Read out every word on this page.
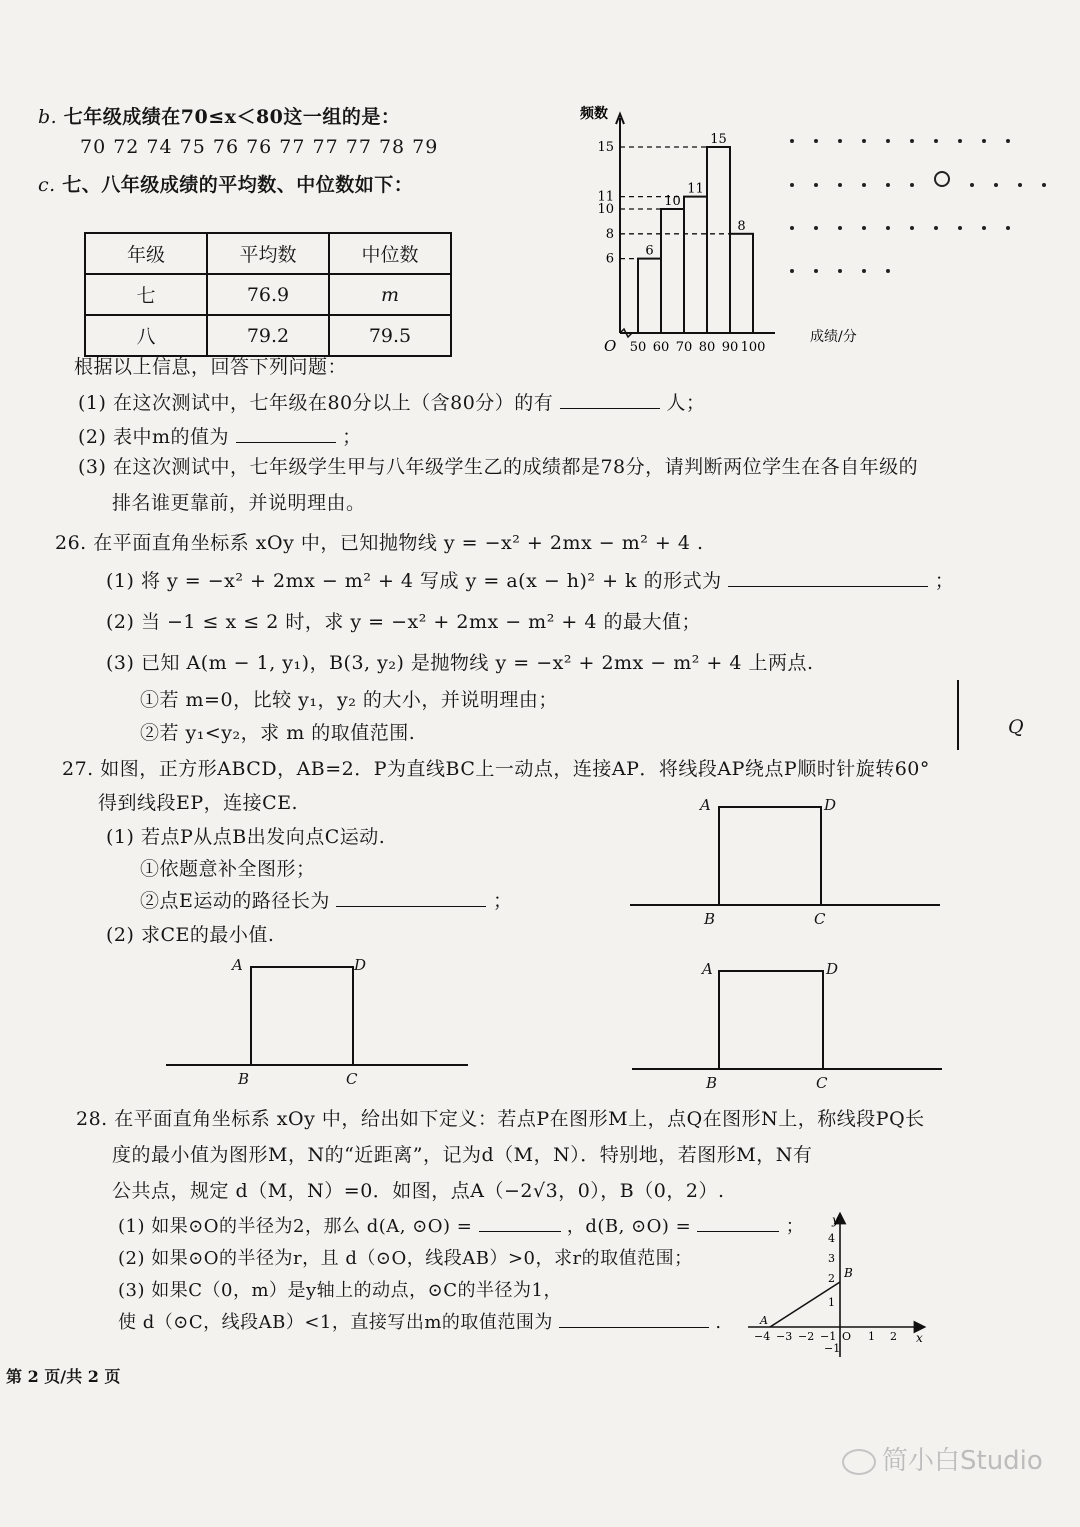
b. 七年级成绩在70≤x＜80这一组的是：
70 72 74 75 76 76 77 77 77 78 79
c. 七、八年级成绩的平均数、中位数如下：
年级	平均数	中位数
七	76.9	m
八	79.2	79.5
频数
成绩/分
O
6
10
11
15
8
6
8
10
11
15
50 60 70 80 90 100
根据以上信息，回答下列问题：
(1) 在这次测试中，七年级在80分以上（含80分）的有	人；
(2) 表中m的值为	；
(3) 在这次测试中，七年级学生甲与八年级学生乙的成绩都是78分，请判断两位学生在各自年级的
排名谁更靠前，并说明理由。
26. 在平面直角坐标系 xOy 中，已知抛物线 y = −x² + 2mx − m² + 4 .
(1) 将 y = −x² + 2mx − m² + 4 写成 y = a(x − h)² + k 的形式为	；
(2) 当 −1 ≤ x ≤ 2 时，求 y = −x² + 2mx − m² + 4 的最大值；
(3) 已知 A(m − 1, y₁)，B(3, y₂) 是抛物线 y = −x² + 2mx − m² + 4 上两点.
①若 m=0，比较 y₁，y₂ 的大小，并说明理由；
②若 y₁<y₂，求 m 的取值范围.	Q
27. 如图，正方形ABCD，AB=2．P为直线BC上一动点，连接AP．将线段AP绕点P顺时针旋转60°
得到线段EP，连接CE.
(1) 若点P从点B出发向点C运动.
①依题意补全图形；
②点E运动的路径长为	；
(2) 求CE的最小值.
A	D
B	C
A	D
B	C
A	D
B	C
28. 在平面直角坐标系 xOy 中，给出如下定义：若点P在图形M上，点Q在图形N上，称线段PQ长
度的最小值为图形M，N的“近距离”，记为d（M，N）．特别地，若图形M，N有
公共点，规定 d（M，N）=0．如图，点A（−2√3，0），B（0，2）.
(1) 如果⊙O的半径为2，那么 d(A, ⊙O) =	，d(B, ⊙O) =	；
(2) 如果⊙O的半径为r，且 d（⊙O，线段AB）>0，求r的取值范围；
(3) 如果C（0，m）是y轴上的动点，⊙C的半径为1，
使 d（⊙C，线段AB）<1，直接写出m的取值范围为	.
x
y
O
A
B
−4 −3 −2 −1	1 2
4
3
2
1
−1
第 2 页/共 2 页
简小白Studio
